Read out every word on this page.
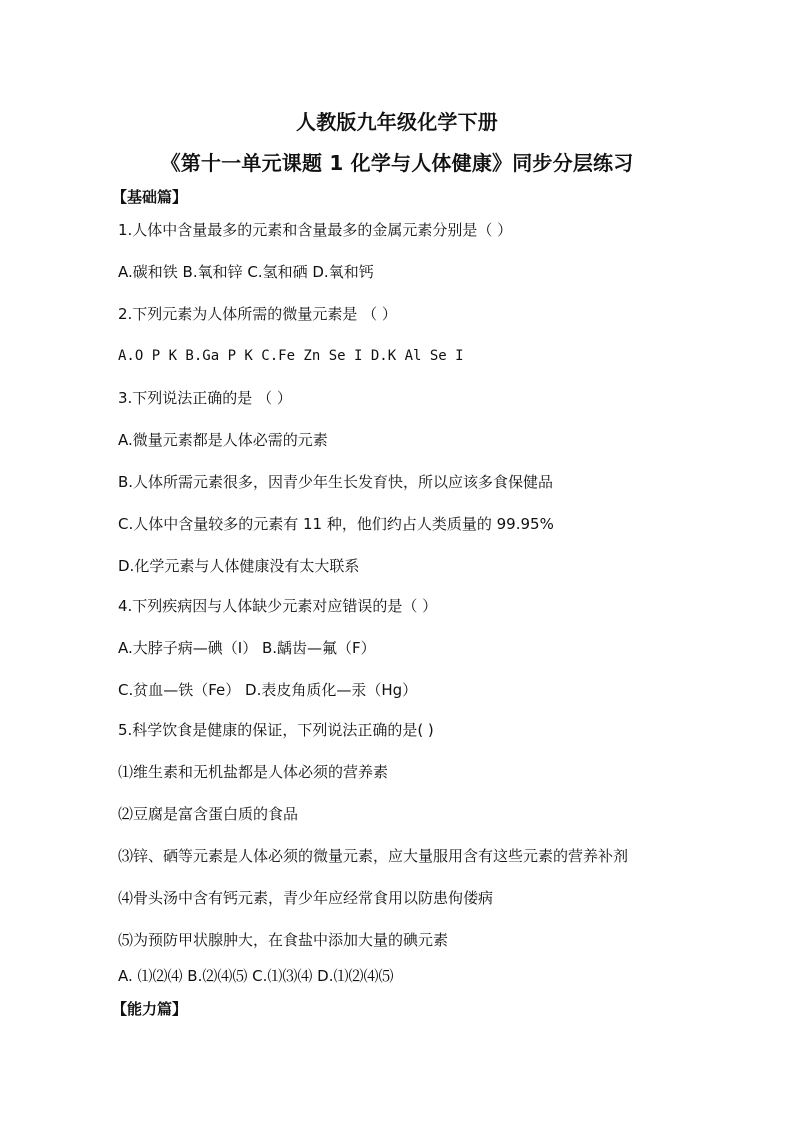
人教版九年级化学下册
《第十一单元课题 1 化学与人体健康》同步分层练习
【基础篇】
1.人体中含量最多的元素和含量最多的金属元素分别是（ ）
A.碳和铁 B.氧和锌 C.氢和硒 D.氧和钙
2.下列元素为人体所需的微量元素是 （ ）
A.O P K B.Ga P K C.Fe Zn Se I D.K Al Se I
3.下列说法正确的是 （ ）
A.微量元素都是人体必需的元素
B.人体所需元素很多，因青少年生长发育快，所以应该多食保健品
C.人体中含量较多的元素有 11 种，他们约占人类质量的 99.95%
D.化学元素与人体健康没有太大联系
4.下列疾病因与人体缺少元素对应错误的是（ ）
A.大脖子病—碘（I） B.龋齿—氟（F）
C.贫血—铁（Fe） D.表皮角质化—汞（Hg）
5.科学饮食是健康的保证，下列说法正确的是( )
⑴维生素和无机盐都是人体必须的营养素
⑵豆腐是富含蛋白质的食品
⑶锌、硒等元素是人体必须的微量元素，应大量服用含有这些元素的营养补剂
⑷骨头汤中含有钙元素，青少年应经常食用以防患佝偻病
⑸为预防甲状腺肿大，在食盐中添加大量的碘元素
A. ⑴⑵⑷ B.⑵⑷⑸ C.⑴⑶⑷ D.⑴⑵⑷⑸
【能力篇】
